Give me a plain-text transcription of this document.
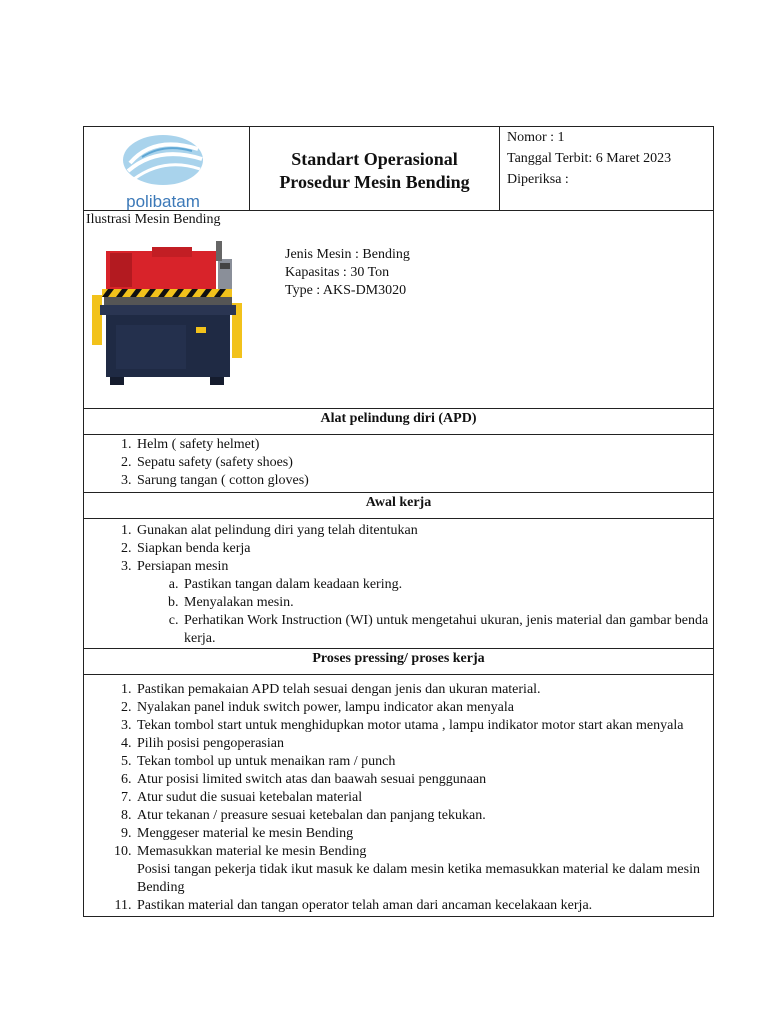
polibatam
Standart Operasional
Prosedur Mesin Bending
Nomor : 1
Tanggal Terbit: 6 Maret 2023
Diperiksa :
Ilustrasi Mesin Bending
Jenis Mesin : Bending
Kapasitas : 30 Ton
Type : AKS-DM3020
Alat pelindung diri (APD)
1. Helm ( safety helmet)
2. Sepatu safety (safety shoes)
3. Sarung tangan ( cotton gloves)
Awal kerja
1. Gunakan alat pelindung diri yang telah ditentukan
2. Siapkan benda kerja
3. Persiapan mesin
a. Pastikan tangan dalam keadaan kering.
b. Menyalakan mesin.
c. Perhatikan Work Instruction (WI) untuk mengetahui ukuran, jenis material dan gambar benda kerja.
Proses pressing/ proses kerja
1. Pastikan pemakaian APD telah sesuai dengan jenis dan ukuran material.
2. Nyalakan panel induk switch power, lampu indicator akan menyala
3. Tekan tombol start untuk menghidupkan motor utama , lampu indikator motor start akan menyala
4. Pilih posisi pengoperasian
5. Tekan tombol up untuk menaikan ram / punch
6. Atur posisi limited switch atas dan baawah sesuai penggunaan
7. Atur sudut die susuai ketebalan material
8. Atur tekanan / preasure sesuai ketebalan dan panjang tekukan.
9. Menggeser material ke mesin Bending
10. Memasukkan material ke mesin Bending
Posisi tangan pekerja tidak ikut masuk ke dalam mesin ketika memasukkan material ke dalam mesin Bending
11. Pastikan material dan tangan operator telah aman dari ancaman kecelakaan kerja.
